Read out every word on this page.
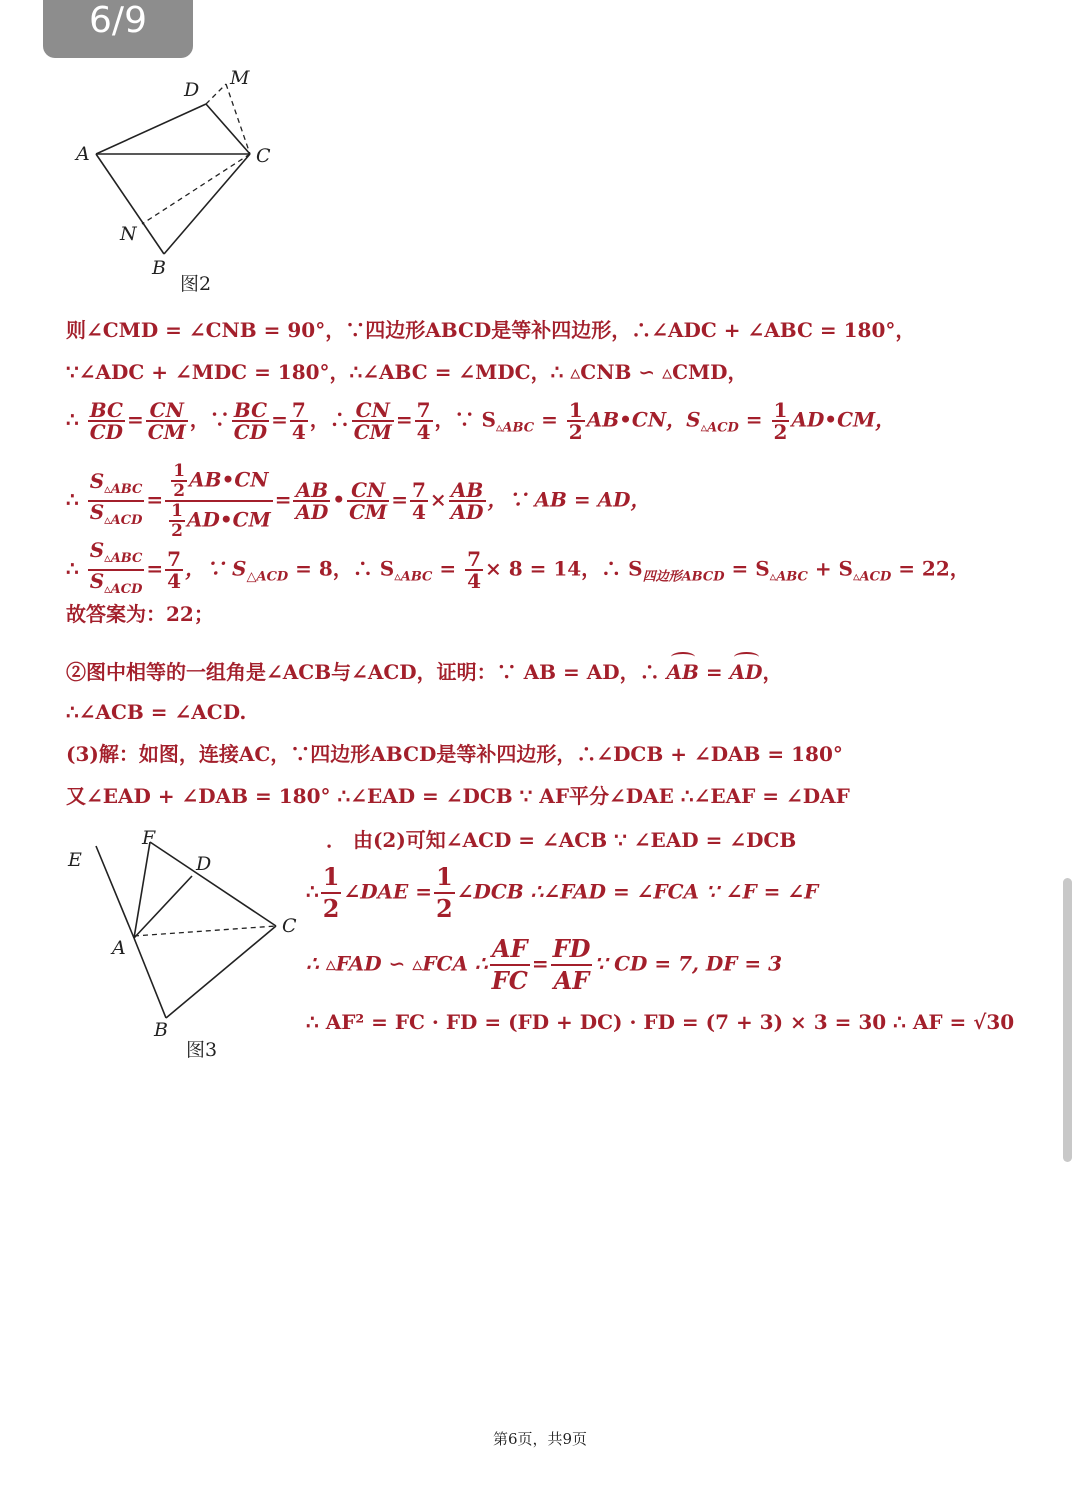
6/9
D
M
A	C
N
B
图2
则∠CMD = ∠CNB = 90°，∵四边形ABCD是等补四边形，∴∠ADC + ∠ABC = 180°，
∵∠ADC + ∠MDC = 180°，∴∠ABC = ∠MDC，∴ ▵CNB ∽ ▵CMD，
∴ $\frac{BC}{CD} = \frac{CN}{CM}$ ，∵ $\frac{BC}{CD} = \frac{7}{4}$ ，∴ $\frac{CN}{CM} = \frac{7}{4}$ ，∵ $S_{▵ABC} = \frac{1}{2}$ AB•CN，$S_{▵ACD} = \frac{1}{2}$ AD•CM，
∴ $\frac{S_{▵ABC}}{S_{▵ACD}} = \frac{\frac{1}{2} AB•CN}{\frac{1}{2} AD•CM} = \frac{AB}{AD}$ • $\frac{CN}{CM} = \frac{7}{4} \times \frac{AB}{AD}$ ，∵ AB = AD，
∴ $\frac{S_{▵ABC}}{S_{▵ACD}} = \frac{7}{4}$ ，∵ $S_{\triangle ACD} = 8$，∴ $S_{▵ABC} = \frac{7}{4} \times 8 = 14$，∴ $S_{四边形ABCD} = S_{▵ABC} + S_{▵ACD} = 22$，
故答案为：22；
②图中相等的一组角是∠ACB与∠ACD，证明：∵ AB = AD，∴ AB = AD，
∴∠ACB = ∠ACD.
(3)解：如图，连接AC，∵四边形ABCD是等补四边形，∴∠DCB + ∠DAB = 180°
又∠EAD + ∠DAB = 180° ∴∠EAD = ∠DCB ∵ AF平分∠DAE ∴∠EAF = ∠DAF
E
F
D
C
A
B
图3
． 由(2)可知∠ACD = ∠ACB ∵ ∠EAD = ∠DCB
∴ $\frac{1}{2}$ ∠DAE = $\frac{1}{2}$ ∠DCB ∴∠FAD = ∠FCA ∵ ∠F = ∠F
∴ ▵FAD ∽ ▵FCA ∴ $\frac{AF}{FC} = \frac{FD}{AF}$ ∵ CD = 7, DF = 3
∴ AF² = FC · FD = (FD + DC) · FD = (7 + 3) × 3 = 30 ∴ AF = √30
第6页，共9页
